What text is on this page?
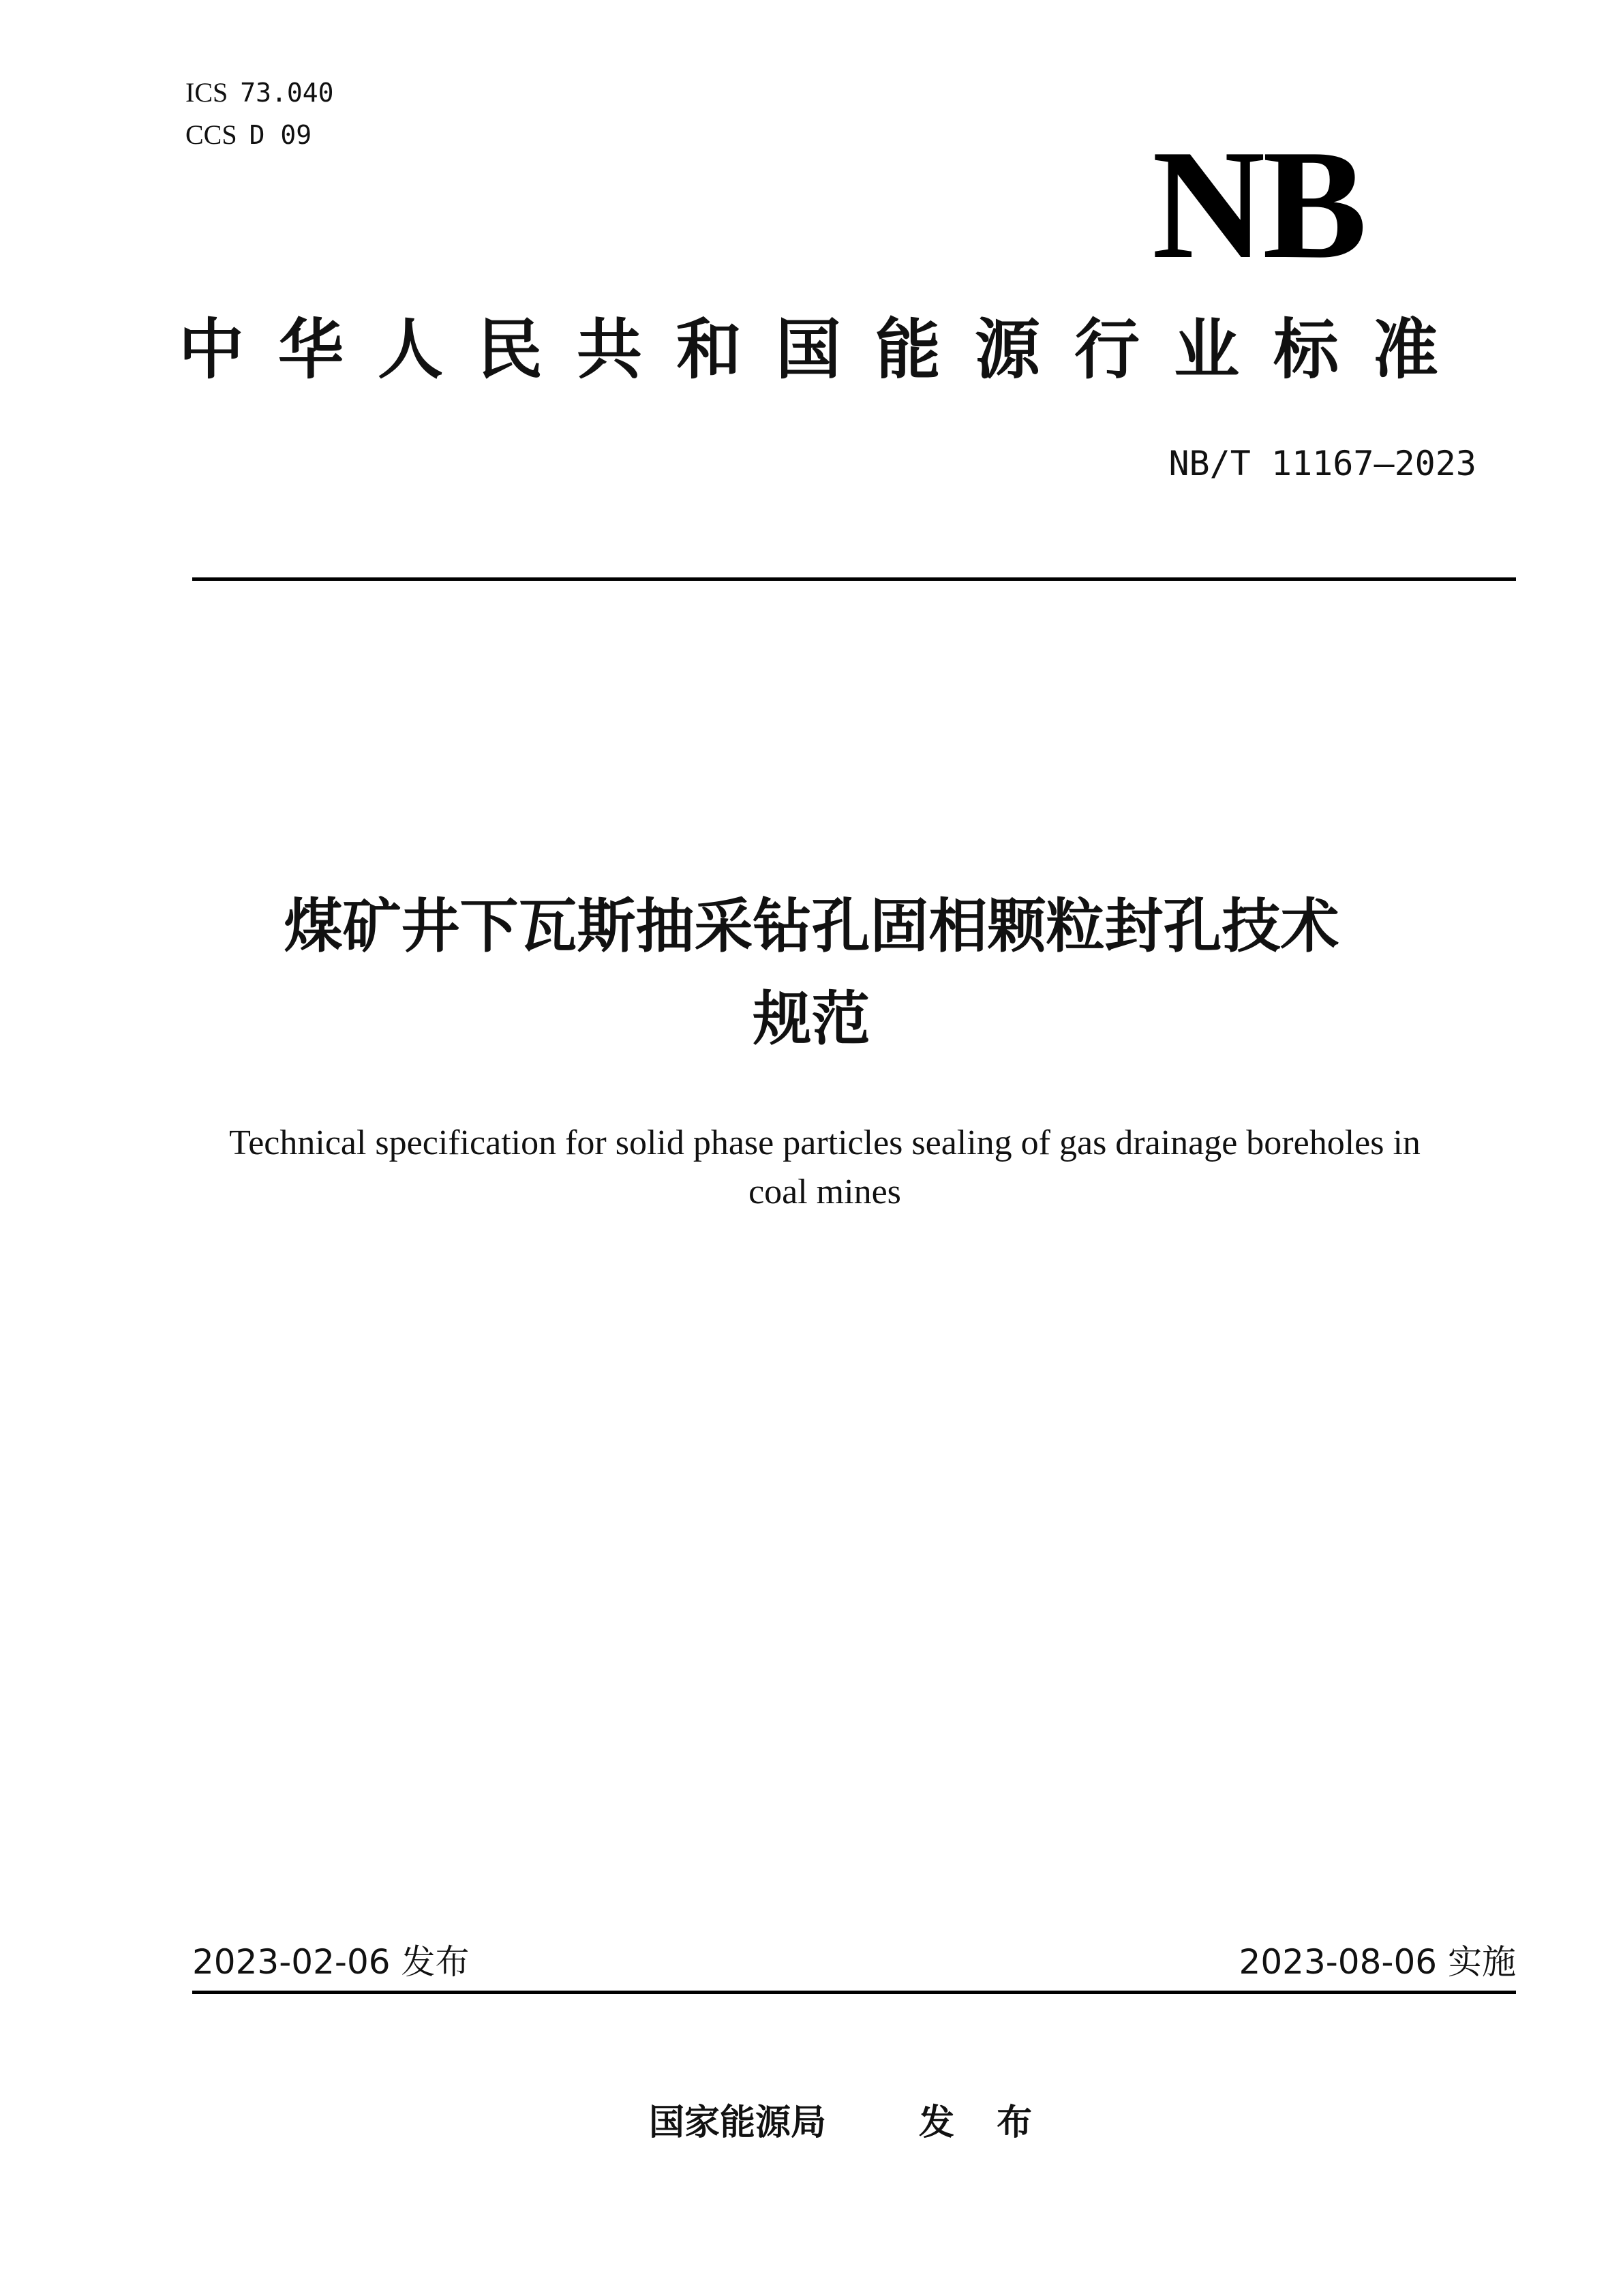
ICS 73.040
CCS D 09	NB
中华人民共和国能源行业标准
NB/T 11167—2023
煤矿井下瓦斯抽采钻孔固相颗粒封孔技术
规范
Technical specification for solid phase particles sealing of gas drainage boreholes in
coal mines
2023-02-06 发布	2023-08-06 实施
国家能源局	发 布
